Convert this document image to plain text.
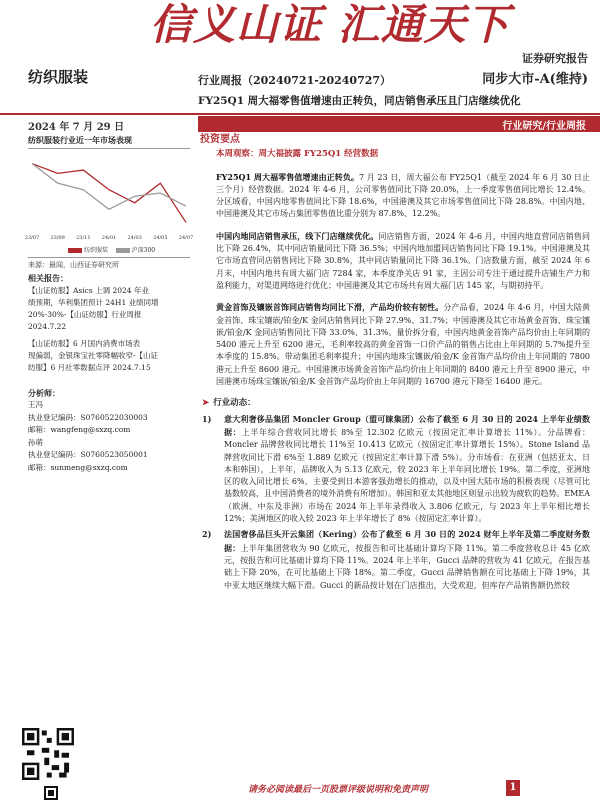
信义山证 汇通天下
证券研究报告
纺织服装	行业周报（20240721-20240727）	同步大市-A(维持)
FY25Q1 周大福零售值增速由正转负，同店销售承压且门店继续优化
2024 年 7 月 29 日	行业研究/行业周报
纺织服装行业近一年市场表现
23/07 23/09 23/11 24/01 24/03 24/05 24/07
纺织服装	沪深300
来源：最闻，山西证券研究所
相关报告：
【山证纺服】Asics 上调 2024 年业
绩预期，华利集团预计 24H1 业绩同增
20%-30%-【山证纺服】行业周报
2024.7.22
【山证纺服】6 月国内消费市场表
现偏弱，金银珠宝社零降幅收窄-【山证
纺服】6 月社零数据点评 2024.7.15
分析师：
王冯
执业登记编码：S0760522030003
邮箱：wangfeng@sxzq.com
孙萌
执业登记编码：S0760523050001
邮箱：sunmeng@sxzq.com
投资要点
本周观察：周大福披露 FY25Q1 经营数据
FY25Q1 周大福零售值增速由正转负。7 月 23 日，周大福公布 FY25Q1（截至 2024 年 6 月 30 日止三个月）经营数据。2024 年 4-6 月，公司零售值同比下降 20.0%，上一季度零售值同比增长 12.4%。分区域看，中国内地零售值同比下降 18.6%，中国港澳及其它市场零售值同比下降 28.8%。中国内地、中国港澳及其它市场占集团零售值比重分别为 87.8%、12.2%。
中国内地同店销售承压，线下门店继续优化。同店销售方面，2024 年 4-6 月，中国内地直营同店销售同比下降 26.4%，其中同店销量同比下降 36.5%；中国内地加盟同店销售同比下降 19.1%。中国港澳及其它市场直营同店销售同比下降 30.8%，其中同店销量同比下降 36.1%。门店数量方面，截至 2024 年 6 月末，中国内地共有周大福门店 7284 家，本季度净关店 91 家，主因公司专注于通过提升店铺生产力和盈利能力，对渠道网络进行优化；中国港澳及其它市场共有周大福门店 145 家，与期初持平。
黄金首饰及镶嵌首饰同店销售均同比下滑，产品均价较有韧性。分产品看，2024 年 4-6 月，中国大陆黄金首饰、珠宝镶嵌/铂金/K 金同店销售同比下降 27.9%、31.7%；中国港澳及其它市场黄金首饰、珠宝镶嵌/铂金/K 金同店销售同比下降 33.0%、31.3%。量价拆分看，中国内地黄金首饰产品均价由上年同期的 5400 港元上升至 6200 港元，毛利率较高的黄金首饰一口价产品的销售占比由上年同期的 5.7%提升至本季度的 15.8%。带动集团毛利率提升；中国内地珠宝镶嵌/铂金/K 金首饰产品均价由上年同期的 7800 港元上升至 8600 港元。中国港澳市场黄金首饰产品均价由上年同期的 8400 港元上升至 8900 港元，中国港澳市场珠宝镶嵌/铂金/K 金首饰产品均价由上年同期的 16700 港元下降至 16400 港元。
➤ 行业动态：
1)	意大利奢侈品集团 Moncler Group（盟可睐集团）公布了截至 6 月 30 日的 2024 上半年业绩数据：上半年综合营收同比增长 8%至 12.302 亿欧元（按固定汇率计算增长 11%）。分品牌看：Moncler 品牌营收同比增长 11%至 10.413 亿欧元（按固定汇率计算增长 15%）。Stone Island 品牌营收同比下滑 6%至 1.889 亿欧元（按固定汇率计算下滑 5%）。分市场看：在亚洲（包括亚太、日本和韩国），上半年，品牌收入为 5.13 亿欧元，较 2023 年上半年同比增长 19%。第二季度，亚洲地区的收入同比增长 6%，主要受到日本游客强劲增长的推动，以及中国大陆市场的积极表现（尽管可比基数较高，且中国消费者的境外消费有所增加）。韩国和亚太其他地区则显示出较为疲软的趋势。EMEA（欧洲、中东及非洲）市场在 2024 年上半年录得收入 3.806 亿欧元，与 2023 年上半年相比增长 12%；美洲地区的收入较 2023 年上半年增长了 8%（按固定汇率计算）。
2)	法国奢侈品巨头开云集团（Kering）公布了截至 6 月 30 日的 2024 财年上半年及第二季度财务数据：上半年集团营收为 90 亿欧元，按报告和可比基础计算均下降 11%。第二季度营收总计 45 亿欧元，按报告和可比基础计算均下降 11%。2024 年上半年，Gucci 品牌的营收为 41 亿欧元，在报告基础上下降 20%，在可比基础上下降 18%。第二季度，Gucci 品牌销售额在可比基础上下降 19%，其中亚太地区继续大幅下滑。Gucci 的新品按计划在门店推出，大受欢迎，但库存产品销售额仍然较
请务必阅读最后一页股票评级说明和免责声明	1
